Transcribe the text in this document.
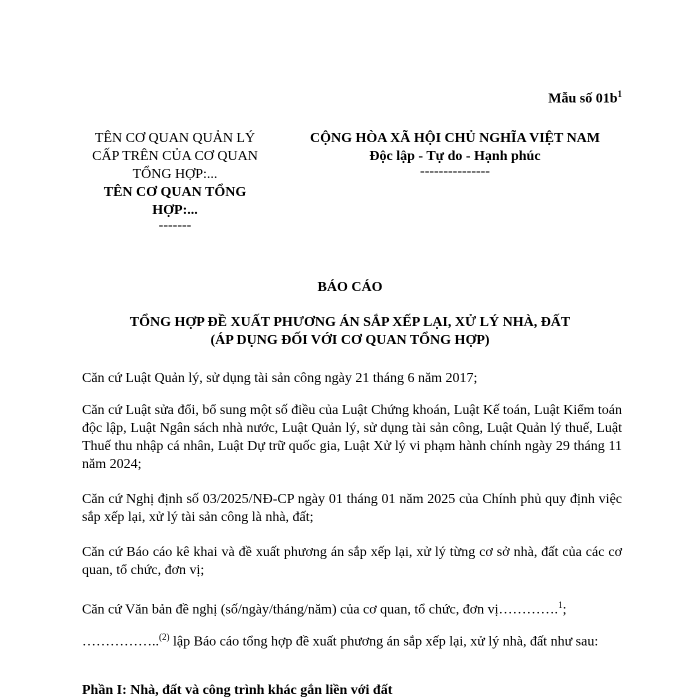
Mẫu số $01b^1$
TÊN CƠ QUAN QUẢN LÝ
CẤP TRÊN CỦA CƠ QUAN
TỔNG HỢP:...
TÊN CƠ QUAN TỔNG
HỢP:...
-------
CỘNG HÒA XÃ HỘI CHỦ NGHĨA VIỆT NAM
Độc lập - Tự do - Hạnh phúc
---------------
BÁO CÁO
TỔNG HỢP ĐỀ XUẤT PHƯƠNG ÁN SẮP XẾP LẠI, XỬ LÝ NHÀ, ĐẤT
(ÁP DỤNG ĐỐI VỚI CƠ QUAN TỔNG HỢP)
Căn cứ Luật Quản lý, sử dụng tài sản công ngày 21 tháng 6 năm 2017;
Căn cứ Luật sửa đổi, bổ sung một số điều của Luật Chứng khoán, Luật Kế toán, Luật Kiểm toán độc lập, Luật Ngân sách nhà nước, Luật Quản lý, sử dụng tài sản công, Luật Quản lý thuế, Luật Thuế thu nhập cá nhân, Luật Dự trữ quốc gia, Luật Xử lý vi phạm hành chính ngày 29 tháng 11 năm 2024;
Căn cứ Nghị định số 03/2025/NĐ-CP ngày 01 tháng 01 năm 2025 của Chính phủ quy định việc sắp xếp lại, xử lý tài sản công là nhà, đất;
Căn cứ Báo cáo kê khai và đề xuất phương án sắp xếp lại, xử lý từng cơ sở nhà, đất của các cơ quan, tổ chức, đơn vị;
Căn cứ Văn bản đề nghị (số/ngày/tháng/năm) của cơ quan, tổ chức, đơn vị………….$^1$;
……………..$^{(2)}$ lập Báo cáo tổng hợp đề xuất phương án sắp xếp lại, xử lý nhà, đất như sau:
Phần I: Nhà, đất và công trình khác gắn liền với đất
